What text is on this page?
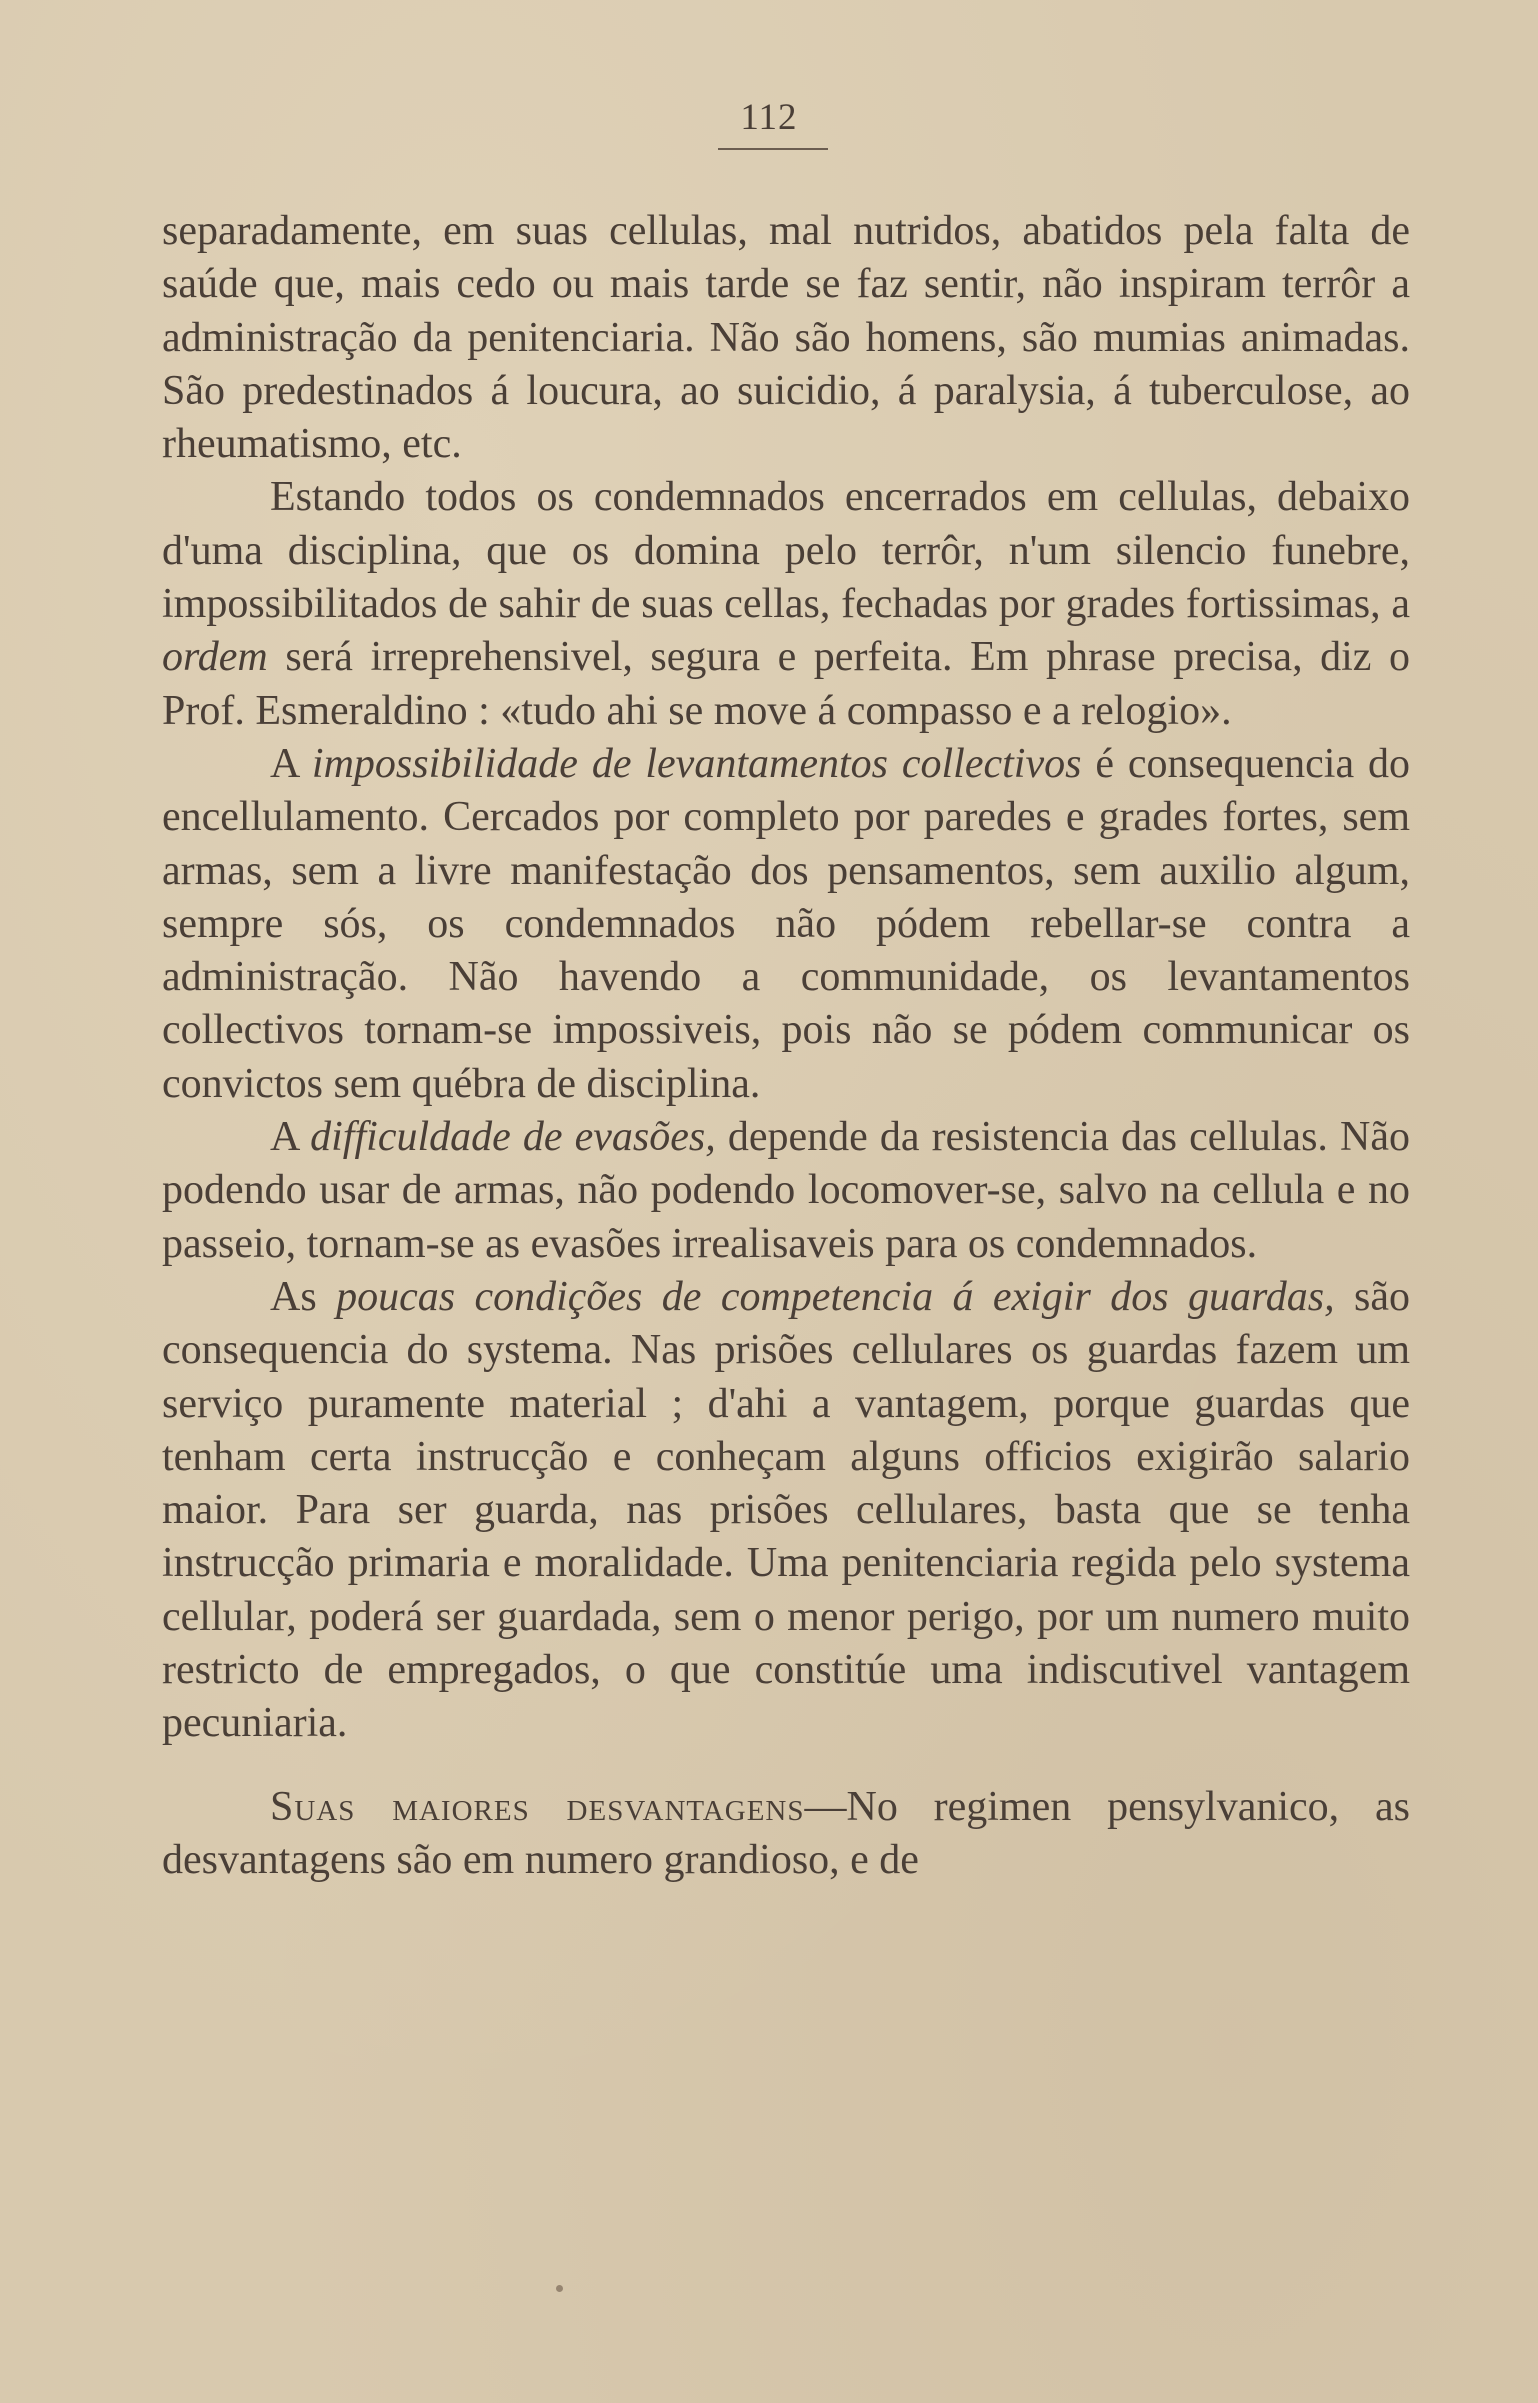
112

separadamente, em suas cellulas, mal nutridos, abatidos pela falta de saúde que, mais cedo ou mais tarde se faz sentir, não inspiram terrôr a administração da penitenciaria. Não são homens, são mumias animadas. São predestinados á loucura, ao suicidio, á paralysia, á tuberculose, ao rheumatismo, etc.

Estando todos os condemnados encerrados em cellulas, debaixo d'uma disciplina, que os domina pelo terrôr, n'um silencio funebre, impossibilitados de sahir de suas cellas, fechadas por grades fortissimas, a ordem será irreprehensivel, segura e perfeita. Em phrase precisa, diz o Prof. Esmeraldino : «tudo ahi se move á compasso e a relogio».

A impossibilidade de levantamentos collectivos é consequencia do encellulamento. Cercados por completo por paredes e grades fortes, sem armas, sem a livre manifestação dos pensamentos, sem auxilio algum, sempre sós, os condemnados não pódem rebellar-se contra a administração. Não havendo a communidade, os levantamentos collectivos tornam-se impossiveis, pois não se pódem communicar os convictos sem québra de disciplina.

A difficuldade de evasões, depende da resistencia das cellulas. Não podendo usar de armas, não podendo locomover-se, salvo na cellula e no passeio, tornam-se as evasões irrealisaveis para os condemnados.

As poucas condições de competencia á exigir dos guardas, são consequencia do systema. Nas prisões cellulares os guardas fazem um serviço puramente material ; d'ahi a vantagem, porque guardas que tenham certa instrucção e conheçam alguns officios exigirão salario maior. Para ser guarda, nas prisões cellulares, basta que se tenha instrucção primaria e moralidade. Uma penitenciaria regida pelo systema cellular, poderá ser guardada, sem o menor perigo, por um numero muito restricto de empregados, o que constitúe uma indiscutivel vantagem pecuniaria.

Suas maiores desvantagens—No regimen pensylvanico, as desvantagens são em numero grandioso, e de
